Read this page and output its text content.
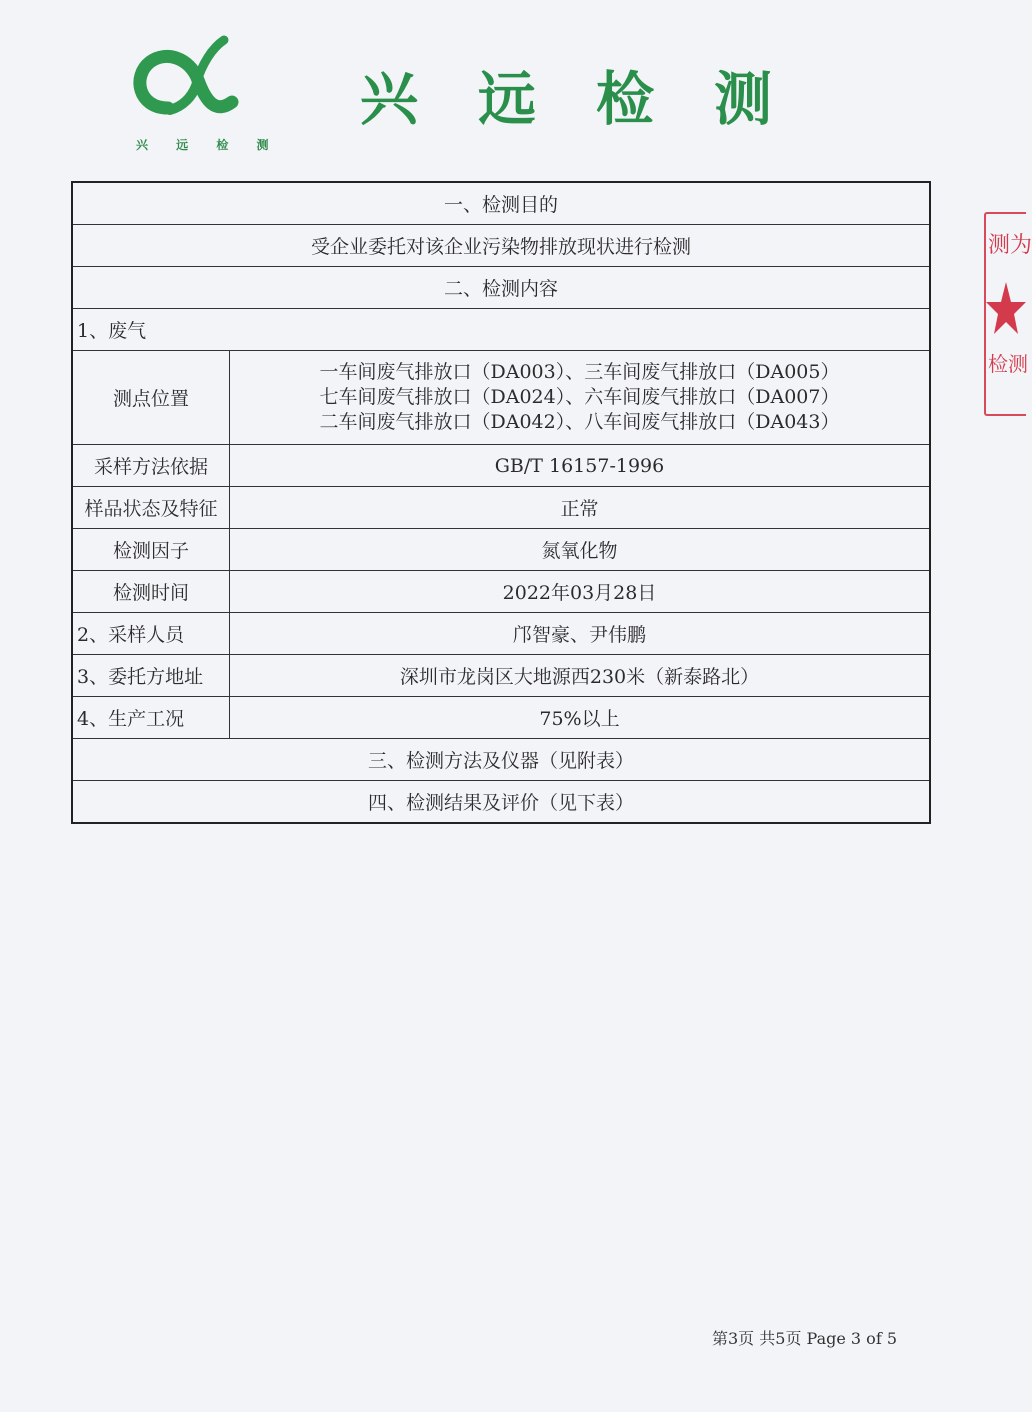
兴 远 检 测
兴远检测
一、检测目的	
受企业委托对该企业污染物排放现状进行检测	
二、检测内容	
1、废气	
测点位置	一车间废气排放口（DA003）、三车间废气排放口（DA005）
七车间废气排放口（DA024）、六车间废气排放口（DA007）
二车间废气排放口（DA042）、八车间废气排放口（DA043）

采样方法依据	GB/T 16157-1996
样品状态及特征	正常
检测因子	氮氧化物
检测时间	2022年03月28日
2、采样人员	邝智豪、尹伟鹏
3、委托方地址	深圳市龙岗区大地源西230米（新泰路北）
4、生产工况	75%以上
三、检测方法及仪器（见附表）	
四、检测结果及评价（见下表）	
测为
检测
第3页 共5页 Page 3 of 5
